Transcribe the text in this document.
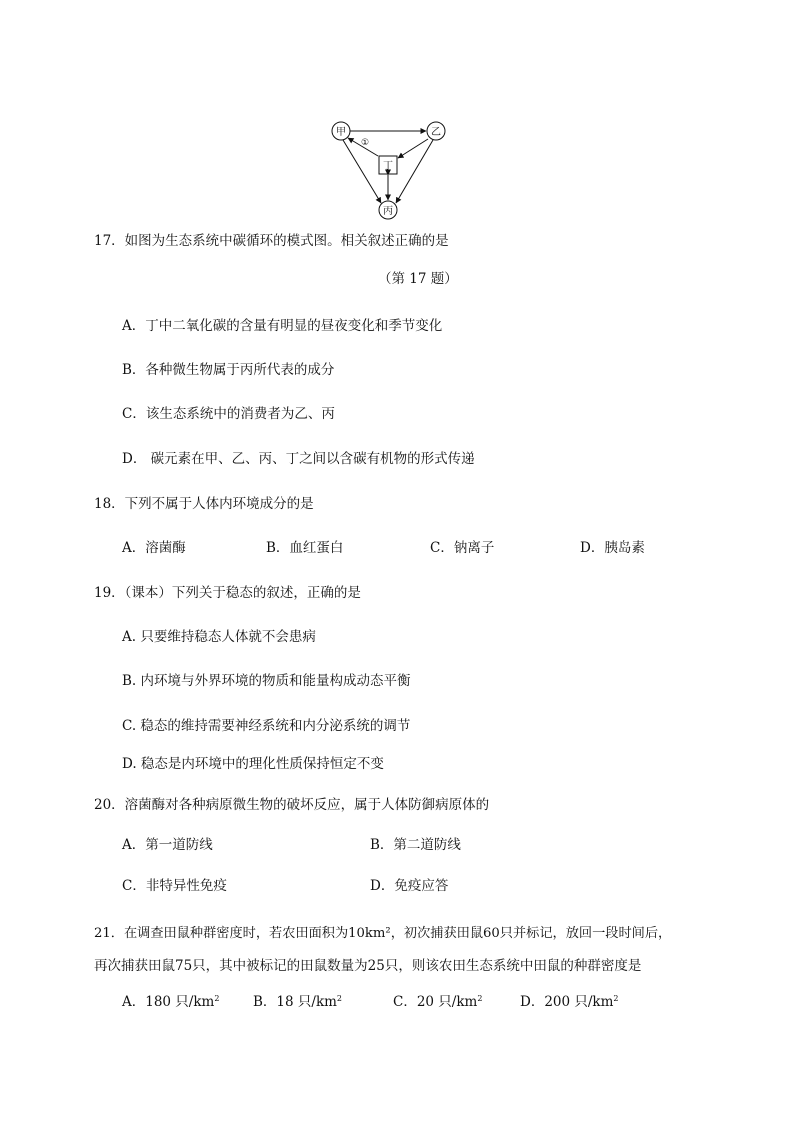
甲	乙
丙
丁
①
17．如图为生态系统中碳循环的模式图。相关叙述正确的是
（第 17 题）
A．丁中二氧化碳的含量有明显的昼夜变化和季节变化
B．各种微生物属于丙所代表的成分
C．该生态系统中的消费者为乙、丙
D． 碳元素在甲、乙、丙、丁之间以含碳有机物的形式传递
18．下列不属于人体内环境成分的是
A．溶菌酶	B．血红蛋白	C．钠离子	D．胰岛素
19．（课本）下列关于稳态的叙述，正确的是
A. 只要维持稳态人体就不会患病
B. 内环境与外界环境的物质和能量构成动态平衡
C. 稳态的维持需要神经系统和内分泌系统的调节
D. 稳态是内环境中的理化性质保持恒定不变
20．溶菌酶对各种病原微生物的破坏反应，属于人体防御病原体的
A．第一道防线	B．第二道防线
C．非特异性免疫	D．免疫应答
21．在调查田鼠种群密度时，若农田面积为10km²，初次捕获田鼠60只并标记，放回一段时间后，
再次捕获田鼠75只，其中被标记的田鼠数量为25只，则该农田生态系统中田鼠的种群密度是
A．180 只$/km^2$ B．18 只$/km^2$	C．20 只$/km^2$	D．200 只$/km^2$
